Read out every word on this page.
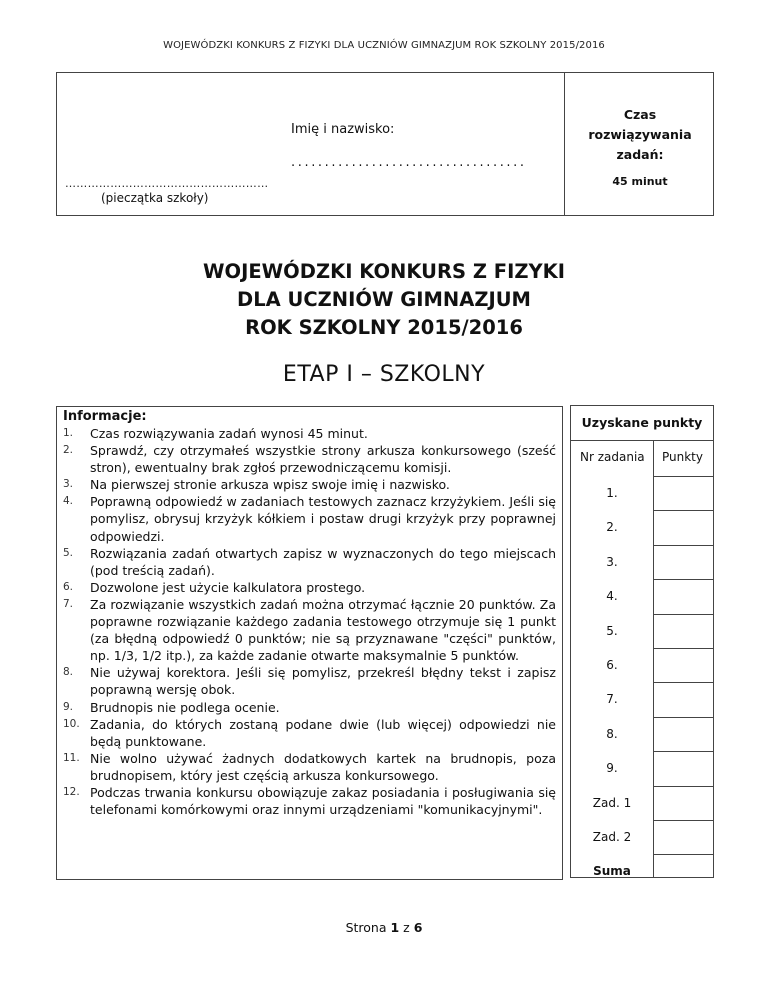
WOJEWÓDZKI KONKURS Z FIZYKI DLA UCZNIÓW GIMNAZJUM ROK SZKOLNY 2015/2016
………………………………………………
(pieczątka szkoły)
Imię i nazwisko:
...................................
Czas
rozwiązywania
zadań:
45 minut
WOJEWÓDZKI KONKURS Z FIZYKI
DLA UCZNIÓW GIMNAZJUM
ROK SZKOLNY 2015/2016
ETAP I – SZKOLNY
Informacje:
1.	Czas rozwiązywania zadań wynosi 45 minut.
2.	Sprawdź, czy otrzymałeś wszystkie strony arkusza konkursowego (sześć stron), ewentualny brak zgłoś przewodniczącemu komisji.
3.	Na pierwszej stronie arkusza wpisz swoje imię i nazwisko.
4.	Poprawną odpowiedź w zadaniach testowych zaznacz krzyżykiem. Jeśli się pomylisz, obrysuj krzyżyk kółkiem i postaw drugi krzyżyk przy poprawnej odpowiedzi.
5.	Rozwiązania zadań otwartych zapisz w wyznaczonych do tego miejscach (pod treścią zadań).
6.	Dozwolone jest użycie kalkulatora prostego.
7.	Za rozwiązanie wszystkich zadań można otrzymać łącznie 20 punktów. Za poprawne rozwiązanie każdego zadania testowego otrzymuje się 1 punkt (za błędną odpowiedź 0 punktów; nie są przyznawane "części" punktów, np. 1/3, 1/2 itp.), za każde zadanie otwarte maksymalnie 5 punktów.
8.	Nie używaj korektora. Jeśli się pomylisz, przekreśl błędny tekst i zapisz poprawną wersję obok.
9.	Brudnopis nie podlega ocenie.
10. Zadania, do których zostaną podane dwie (lub więcej) odpowiedzi nie będą punktowane.
11. Nie wolno używać żadnych dodatkowych kartek na brudnopis, poza brudnopisem, który jest częścią arkusza konkursowego.
12. Podczas trwania konkursu obowiązuje zakaz posiadania i posługiwania się telefonami komórkowymi oraz innymi urządzeniami "komunikacyjnymi".
Uzyskane punkty
Nr zadania Punkty
1.
2.
3.
4.
5.
6.
7.
8.
9.
Zad. 1
Zad. 2
Suma
Strona 1 z 6
